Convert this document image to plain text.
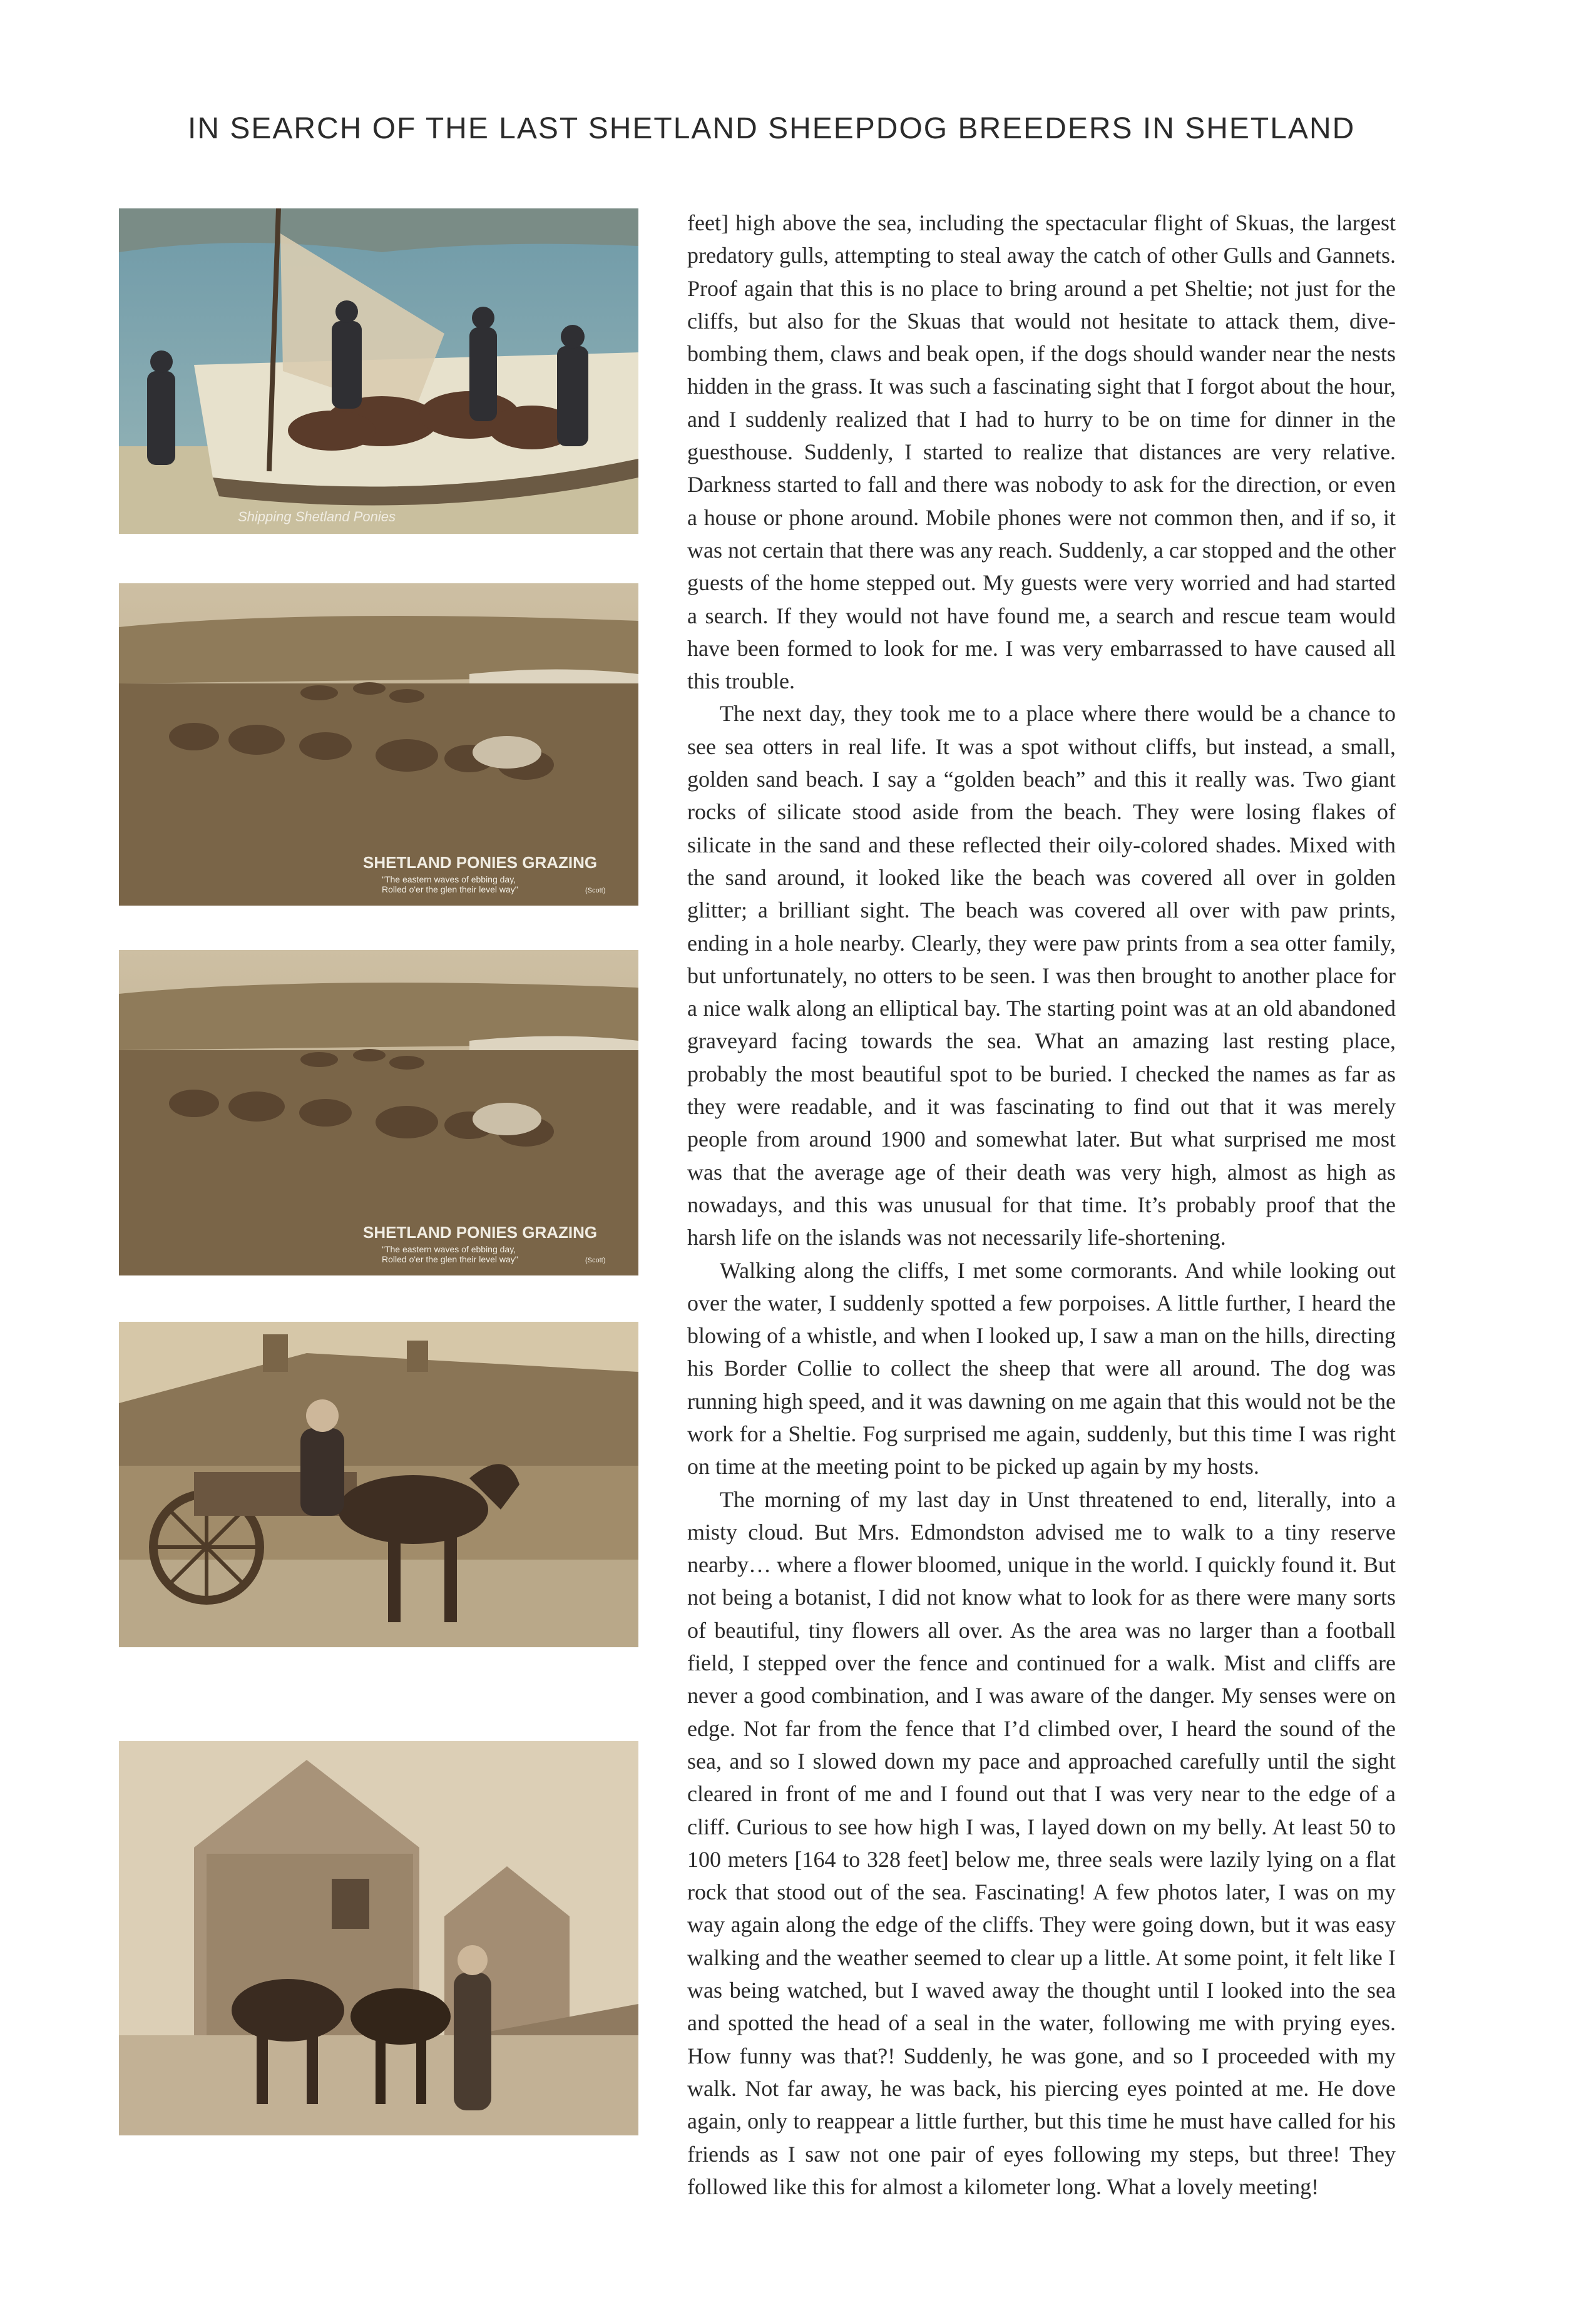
IN SEARCH OF THE LAST SHETLAND SHEEPDOG BREEDERS IN SHETLAND
Shipping Shetland Ponies
SHETLAND PONIES GRAZING
"The eastern waves of ebbing day,
Rolled o'er the glen their level way"	(Scott)
SHETLAND PONIES GRAZING
"The eastern waves of ebbing day,
Rolled o'er the glen their level way"	(Scott)

feet] high above the sea, including the spectacular flight of Skuas, the largest predatory gulls, attempting to steal away the catch of other Gulls and Gannets. Proof again that this is no place to bring around a pet Sheltie; not just for the cliffs, but also for the Skuas that would not hesitate to attack them, dive-bombing them, claws and beak open, if the dogs should wander near the nests hidden in the grass. It was such a fascinating sight that I forgot about the hour, and I suddenly realized that I had to hurry to be on time for dinner in the guesthouse. Suddenly, I started to realize that distances are very relative. Darkness started to fall and there was nobody to ask for the direction, or even a house or phone around. Mobile phones were not common then, and if so, it was not certain that there was any reach. Suddenly, a car stopped and the other guests of the home stepped out. My guests were very worried and had started a search. If they would not have found me, a search and rescue team would have been formed to look for me. I was very embarrassed to have caused all this trouble.

The next day, they took me to a place where there would be a chance to see sea otters in real life. It was a spot without cliffs, but instead, a small, golden sand beach. I say a “golden beach” and this it really was. Two giant rocks of silicate stood aside from the beach. They were losing flakes of silicate in the sand and these reflected their oily-colored shades. Mixed with the sand around, it looked like the beach was covered all over in golden glitter; a brilliant sight. The beach was covered all over with paw prints, ending in a hole nearby. Clearly, they were paw prints from a sea otter family, but unfortunately, no otters to be seen. I was then brought to another place for a nice walk along an elliptical bay. The starting point was at an old abandoned graveyard facing towards the sea. What an amazing last resting place, probably the most beautiful spot to be buried. I checked the names as far as they were readable, and it was fascinating to find out that it was merely people from around 1900 and somewhat later. But what surprised me most was that the average age of their death was very high, almost as high as nowadays, and this was unusual for that time. It’s probably proof that the harsh life on the islands was not necessarily life-shortening.

Walking along the cliffs, I met some cormorants. And while looking out over the water, I suddenly spotted a few porpoises. A little further, I heard the blowing of a whistle, and when I looked up, I saw a man on the hills, directing his Border Collie to collect the sheep that were all around. The dog was running high speed, and it was dawning on me again that this would not be the work for a Sheltie. Fog surprised me again, suddenly, but this time I was right on time at the meeting point to be picked up again by my hosts.

The morning of my last day in Unst threatened to end, literally, into a misty cloud. But Mrs. Edmondston advised me to walk to a tiny reserve nearby… where a flower bloomed, unique in the world. I quickly found it. But not being a botanist, I did not know what to look for as there were many sorts of beautiful, tiny flowers all over. As the area was no larger than a football field, I stepped over the fence and continued for a walk. Mist and cliffs are never a good combination, and I was aware of the danger. My senses were on edge. Not far from the fence that I’d climbed over, I heard the sound of the sea, and so I slowed down my pace and approached carefully until the sight cleared in front of me and I found out that I was very near to the edge of a cliff. Curious to see how high I was, I layed down on my belly. At least 50 to 100 meters [164 to 328 feet] below me, three seals were lazily lying on a flat rock that stood out of the sea. Fascinating! A few photos later, I was on my way again along the edge of the cliffs. They were going down, but it was easy walking and the weather seemed to clear up a little. At some point, it felt like I was being watched, but I waved away the thought until I looked into the sea and spotted the head of a seal in the water, following me with prying eyes. How funny was that?! Suddenly, he was gone, and so I proceeded with my walk. Not far away, he was back, his piercing eyes pointed at me. He dove again, only to reappear a little further, but this time he must have called for his friends as I saw not one pair of eyes following my steps, but three! They followed like this for almost a kilometer long. What a lovely meeting!
